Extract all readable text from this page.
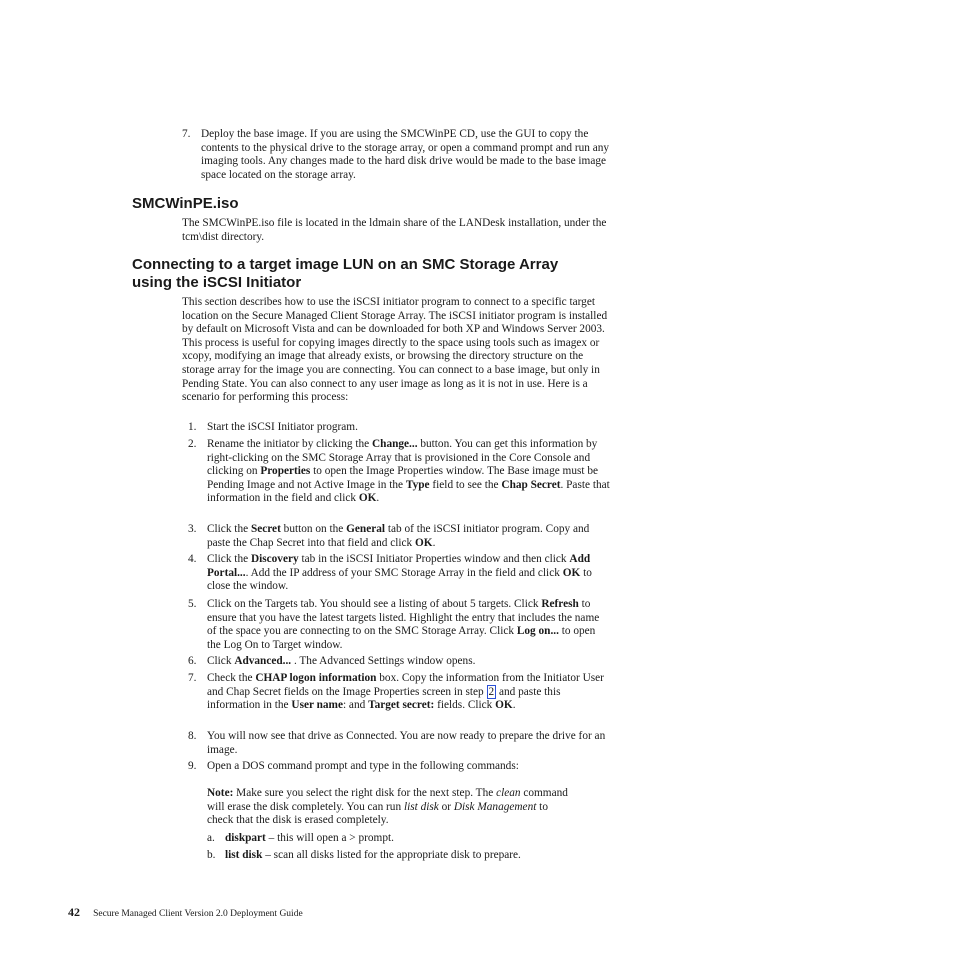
7. Deploy the base image. If you are using the SMCWinPE CD, use the GUI to copy the contents to the physical drive to the storage array, or open a command prompt and run any imaging tools. Any changes made to the hard disk drive would be made to the base image space located on the storage array.
SMCWinPE.iso
The SMCWinPE.iso file is located in the ldmain share of the LANDesk installation, under the tcm\dist directory.
Connecting to a target image LUN on an SMC Storage Array
using the iSCSI Initiator
This section describes how to use the iSCSI initiator program to connect to a specific target location on the Secure Managed Client Storage Array. The iSCSI initiator program is installed by default on Microsoft Vista and can be downloaded for both XP and Windows Server 2003. This process is useful for copying images directly to the space using tools such as imagex or xcopy, modifying an image that already exists, or browsing the directory structure on the storage array for the image you are connecting. You can connect to a base image, but only in Pending State. You can also connect to any user image as long as it is not in use. Here is a scenario for performing this process:
1. Start the iSCSI Initiator program.
2. Rename the initiator by clicking the Change... button. You can get this information by right-clicking on the SMC Storage Array that is provisioned in the Core Console and clicking on Properties to open the Image Properties window. The Base image must be Pending Image and not Active Image in the Type field to see the Chap Secret. Paste that information in the field and click OK.
3. Click the Secret button on the General tab of the iSCSI initiator program. Copy and paste the Chap Secret into that field and click OK.
4. Click the Discovery tab in the iSCSI Initiator Properties window and then click Add Portal.... Add the IP address of your SMC Storage Array in the field and click OK to close the window.
5. Click on the Targets tab. You should see a listing of about 5 targets. Click Refresh to ensure that you have the latest targets listed. Highlight the entry that includes the name of the space you are connecting to on the SMC Storage Array. Click Log on... to open the Log On to Target window.
6. Click Advanced... . The Advanced Settings window opens.
7. Check the CHAP logon information box. Copy the information from the Initiator User and Chap Secret fields on the Image Properties screen in step 2 and paste this information in the User name: and Target secret: fields. Click OK.
8. You will now see that drive as Connected. You are now ready to prepare the drive for an image.
9. Open a DOS command prompt and type in the following commands:
Note: Make sure you select the right disk for the next step. The clean command will erase the disk completely. You can run list disk or Disk Management to check that the disk is erased completely.
a. diskpart – this will open a > prompt.
b. list disk – scan all disks listed for the appropriate disk to prepare.
42 Secure Managed Client Version 2.0 Deployment Guide
